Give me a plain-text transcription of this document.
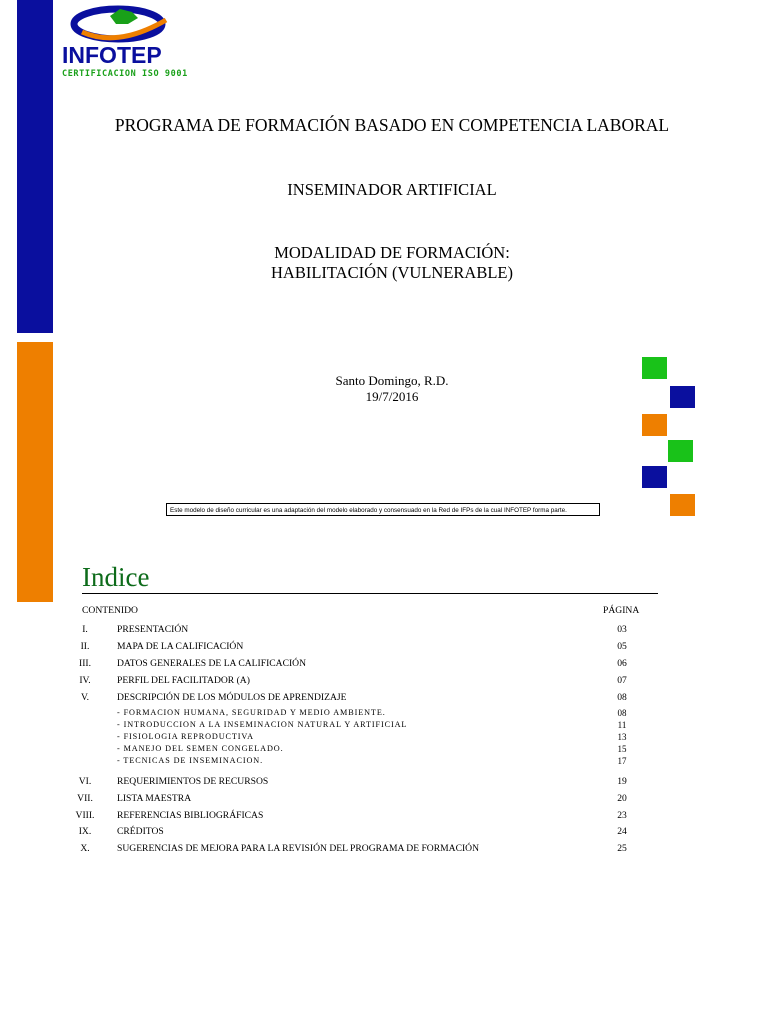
INFOTEP
CERTIFICACION ISO 9001
PROGRAMA DE FORMACIÓN BASADO EN COMPETENCIA LABORAL
INSEMINADOR ARTIFICIAL
MODALIDAD DE FORMACIÓN:
HABILITACIÓN (VULNERABLE)
Santo Domingo, R.D.
19/7/2016
Este modelo de diseño curricular es una adaptación del modelo elaborado y consensuado en la Red de IFPs de la cual INFOTEP forma parte.
Indice
CONTENIDO	PÁGINA
I.	PRESENTACIÓN	03
II.	MAPA DE LA CALIFICACIÓN	05
III.	DATOS GENERALES DE LA CALIFICACIÓN	06
IV.	PERFIL DEL FACILITADOR (A)	07
V.	DESCRIPCIÓN DE LOS MÓDULOS DE APRENDIZAJE	08
- FORMACION HUMANA, SEGURIDAD Y MEDIO AMBIENTE.	08
- INTRODUCCION A LA INSEMINACION NATURAL Y ARTIFICIAL	11
- FISIOLOGIA REPRODUCTIVA	13
- MANEJO DEL SEMEN CONGELADO.	15
- TECNICAS DE INSEMINACION.	17
VI.	REQUERIMIENTOS DE RECURSOS	19
VII.	LISTA MAESTRA	20
VIII.	REFERENCIAS BIBLIOGRÁFICAS	23
IX.	CRÉDITOS	24
X.	SUGERENCIAS DE MEJORA PARA LA REVISIÓN DEL PROGRAMA DE FORMACIÓN	25
